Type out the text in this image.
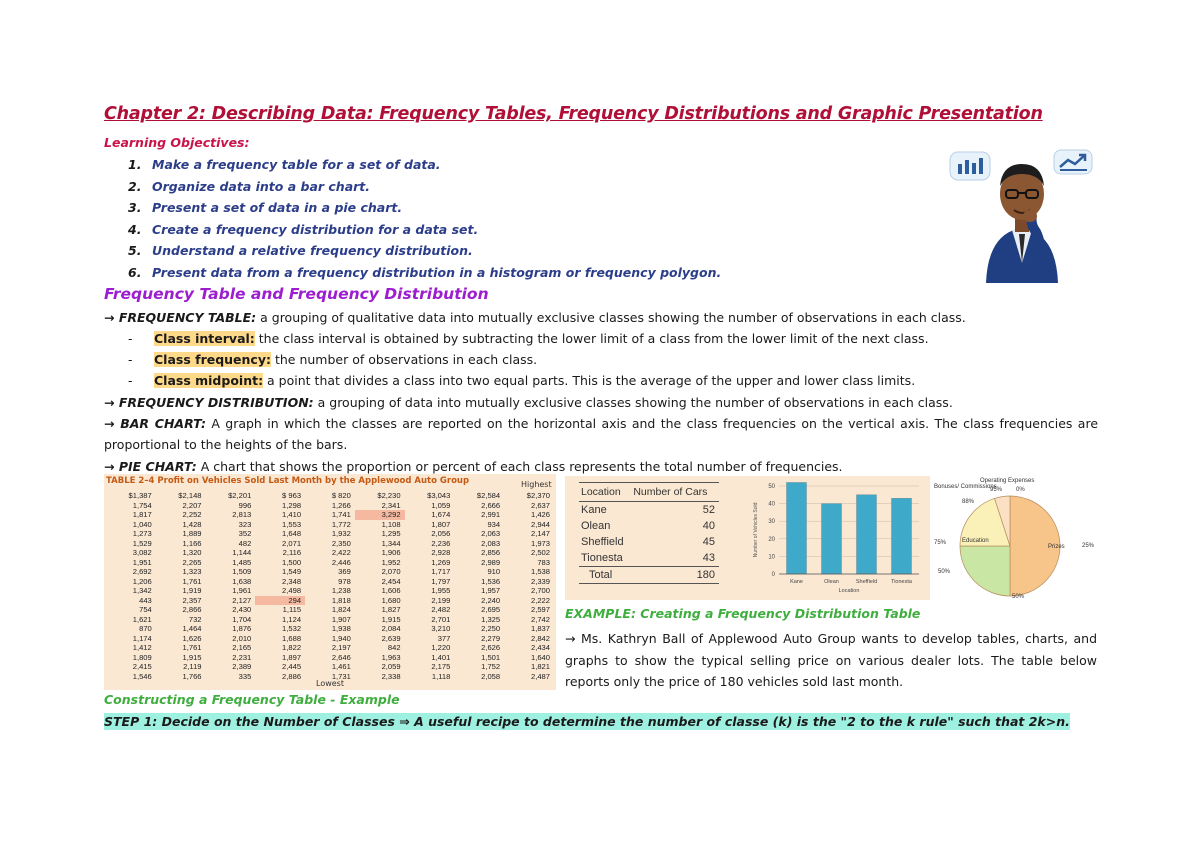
Chapter 2: Describing Data: Frequency Tables, Frequency Distributions and Graphic Presentation
Learning Objectives:
1. Make a frequency table for a set of data.
2. Organize data into a bar chart.
3. Present a set of data in a pie chart.
4. Create a frequency distribution for a data set.
5. Understand a relative frequency distribution.
6. Present data from a frequency distribution in a histogram or frequency polygon.
Frequency Table and Frequency Distribution
→ FREQUENCY TABLE: a grouping of qualitative data into mutually exclusive classes showing the number of observations in each class.
- Class interval: the class interval is obtained by subtracting the lower limit of a class from the lower limit of the next class.
- Class frequency: the number of observations in each class.
- Class midpoint: a point that divides a class into two equal parts. This is the average of the upper and lower class limits.
→ FREQUENCY DISTRIBUTION: a grouping of data into mutually exclusive classes showing the number of observations in each class.
→ BAR CHART: A graph in which the classes are reported on the horizontal axis and the class frequencies on the vertical axis. The class frequencies are proportional to the heights of the bars.
→ PIE CHART: A chart that shows the proportion or percent of each class represents the total number of frequencies.
TABLE 2–4 Profit on Vehicles Sold Last Month by the Applewood Auto Group	Highest
$1,387	$2,148	$2,201	$ 963	$ 820	$2,230	$3,043	$2,584	$2,370
1,754	2,207	996	1,298	1,266	2,341	1,059	2,666	2,637
1,817	2,252	2,813	1,410	1,741	3,292	1,674	2,991	1,426
1,040	1,428	323	1,553	1,772	1,108	1,807	934	2,944
1,273	1,889	352	1,648	1,932	1,295	2,056	2,063	2,147
1,529	1,166	482	2,071	2,350	1,344	2,236	2,083	1,973
3,082	1,320	1,144	2,116	2,422	1,906	2,928	2,856	2,502
1,951	2,265	1,485	1,500	2,446	1,952	1,269	2,989	783
2,692	1,323	1,509	1,549	369	2,070	1,717	910	1,538
1,206	1,761	1,638	2,348	978	2,454	1,797	1,536	2,339
1,342	1,919	1,961	2,498	1,238	1,606	1,955	1,957	2,700
443	2,357	2,127	294	1,818	1,680	2,199	2,240	2,222
754	2,866	2,430	1,115	1,824	1,827	2,482	2,695	2,597
1,621	732	1,704	1,124	1,907	1,915	2,701	1,325	2,742
870	1,464	1,876	1,532	1,938	2,084	3,210	2,250	1,837
1,174	1,626	2,010	1,688	1,940	2,639	377	2,279	2,842
1,412	1,761	2,165	1,822	2,197	842	1,220	2,626	2,434
1,809	1,915	2,231	1,897	2,646	1,963	1,401	1,501	1,640
2,415	2,119	2,389	2,445	1,461	2,059	2,175	1,752	1,821
1,546	1,766	335	2,886	1,731	2,338	1,118	2,058	2,487
Lowest
Location	Number of Cars
Kane	52
Olean	40
Sheffield	45
Tionesta	43
Total	180
Number of Vehicles Sold
0
10
20
30
40
50
Kane	Olean	Sheffield	Tionesta
Location
Prizes
Education
Bonuses/ Commissions
Operating Expenses
0%
95%
88%
75%	25%
50%
50%
EXAMPLE: Creating a Frequency Distribution Table
→ Ms. Kathryn Ball of Applewood Auto Group wants to develop tables, charts, and graphs to show the typical selling price on various dealer lots. The table below reports only the price of 180 vehicles sold last month.
Constructing a Frequency Table - Example
STEP 1: Decide on the Number of Classes ⇒ A useful recipe to determine the number of classe (k) is the "2 to the k rule" such that 2k>n.
